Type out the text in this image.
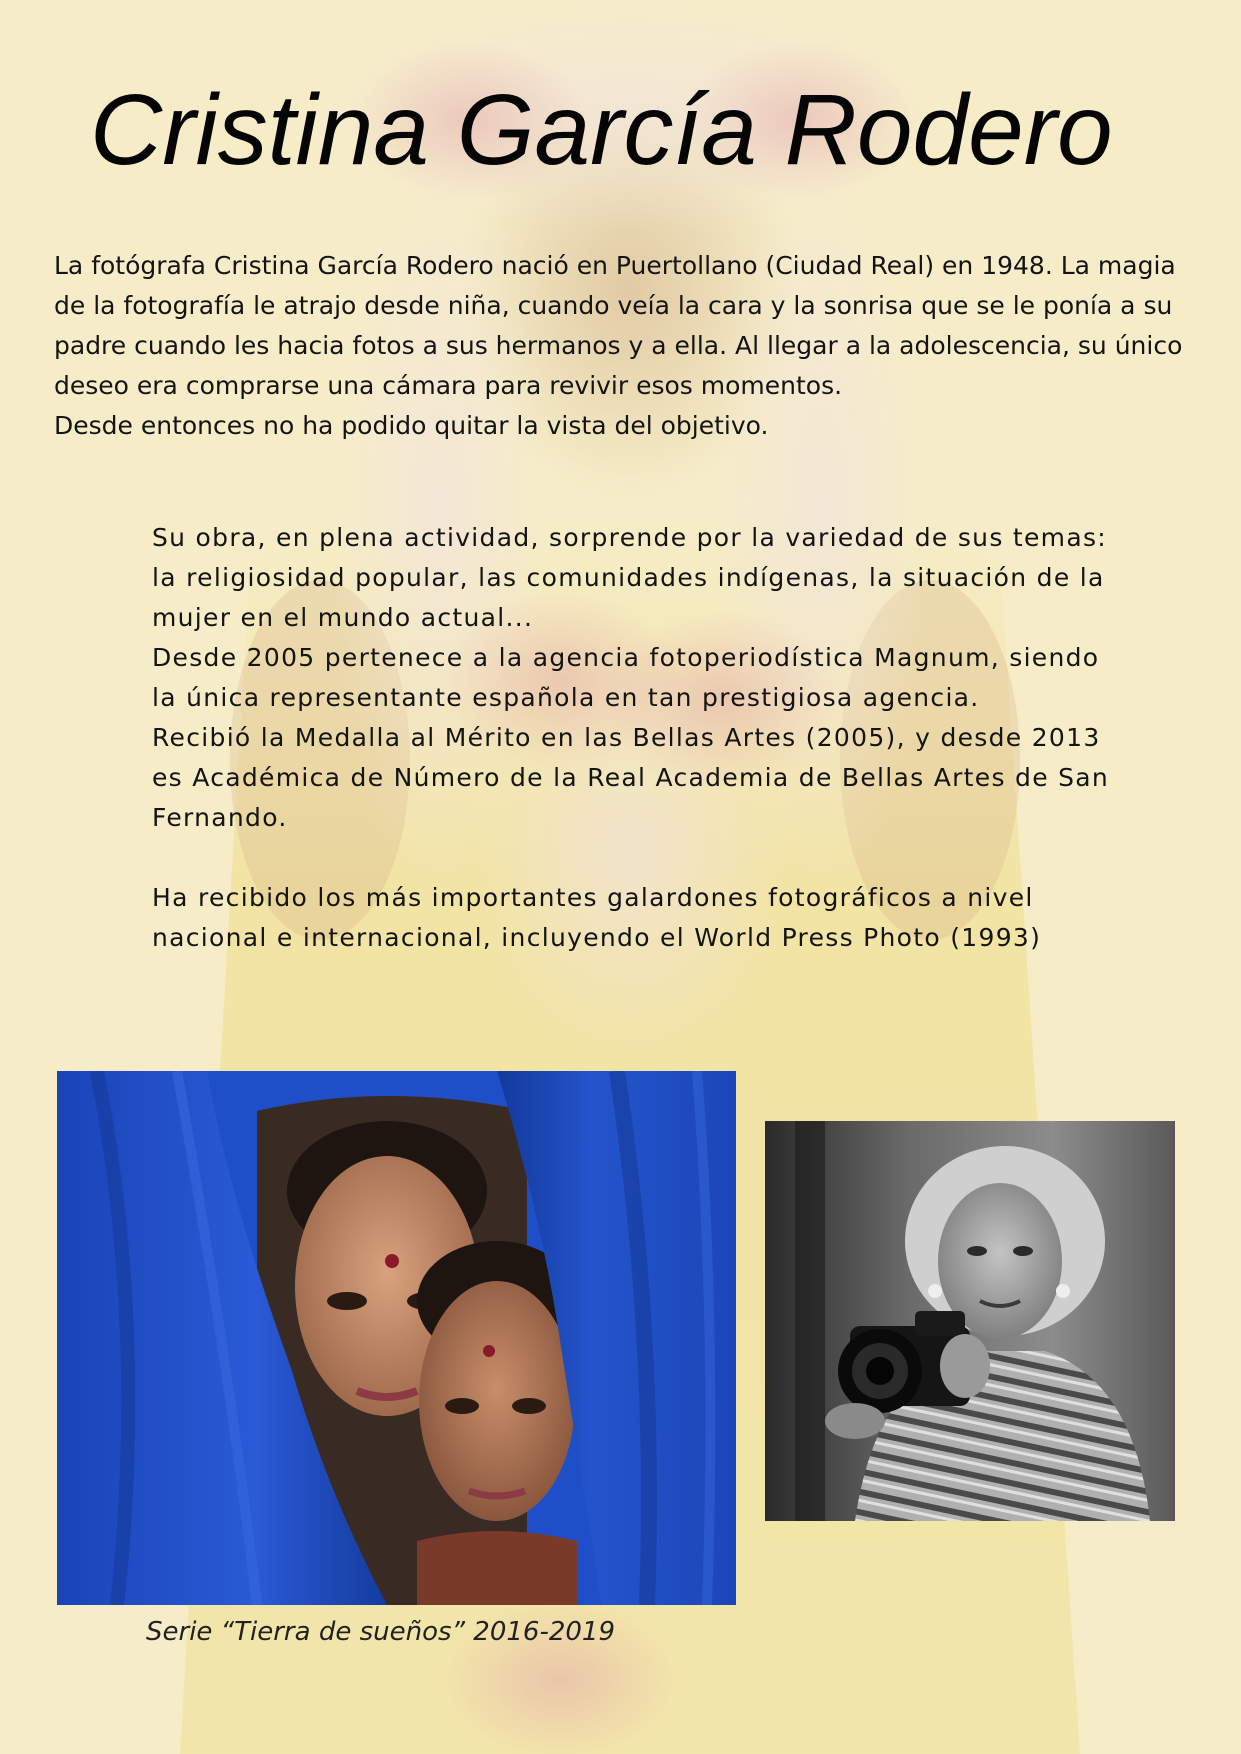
Cristina García Rodero

La fotógrafa Cristina García Rodero nació en Puertollano (Ciudad Real) en 1948. La magia de la fotografía le atrajo desde niña, cuando veía la cara y la sonrisa que se le ponía a su padre cuando les hacia fotos a sus hermanos y a ella. Al llegar a la adolescencia, su único deseo era comprarse una cámara para revivir esos momentos.

Desde entonces no ha podido quitar la vista del objetivo.

Su obra, en plena actividad, sorprende por la variedad de sus temas: la religiosidad popular, las comunidades indígenas, la situación de la mujer en el mundo actual...

Desde 2005 pertenece a la agencia fotoperiodística Magnum, siendo la única representante española en tan prestigiosa agencia.

Recibió la Medalla al Mérito en las Bellas Artes (2005), y desde 2013 es Académica de Número de la Real Academia de Bellas Artes de San Fernando.

Ha recibido los más importantes galardones fotográficos a nivel nacional e internacional, incluyendo el World Press Photo (1993)

Serie “Tierra de sueños” 2016-2019
